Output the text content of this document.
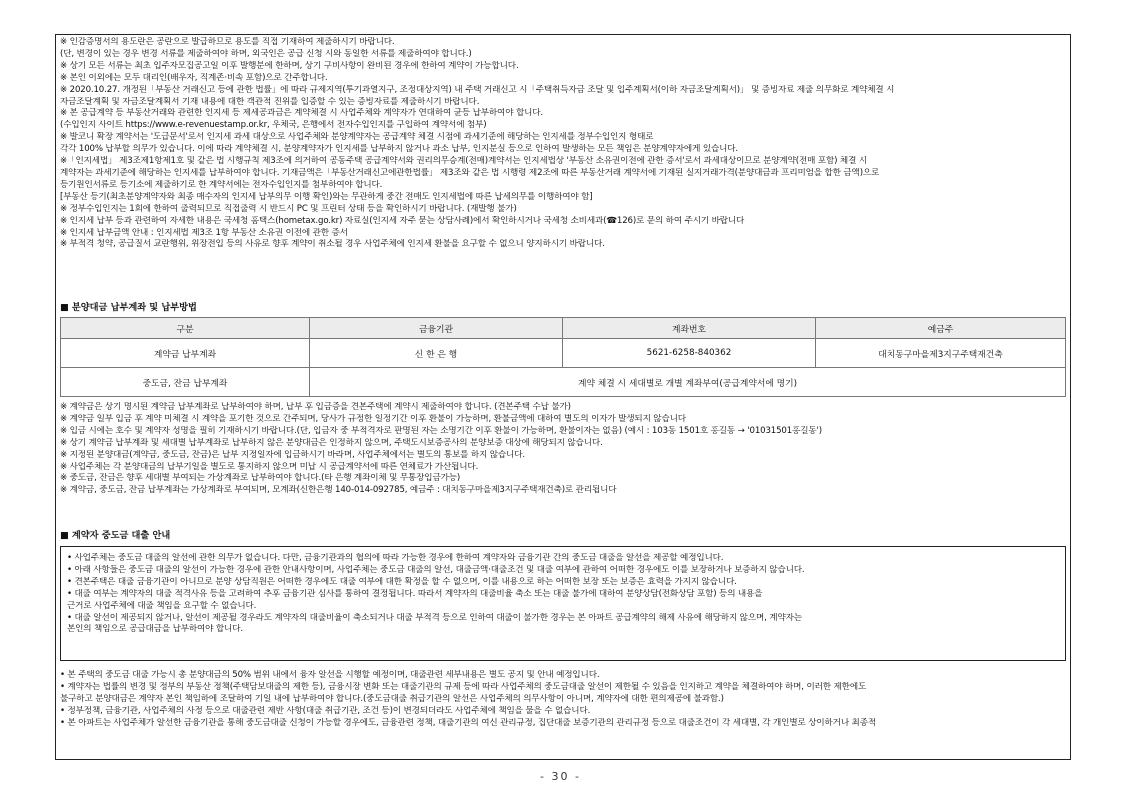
※ 인감증명서의 용도란은 공란으로 발급하므로 용도를 직접 기재하여 제출하시기 바랍니다.
(단, 변경이 있는 경우 변경 서류를 제출하여야 하며, 외국인은 공급 신청 시와 동일한 서류를 제출하여야 합니다.)
※ 상기 모든 서류는 최초 입주자모집공고일 이후 발행분에 한하며, 상기 구비사항이 완비된 경우에 한하여 계약이 가능합니다.
※ 본인 이외에는 모두 대리인(배우자, 직계존·비속 포함)으로 간주합니다.
※ 2020.10.27. 개정된「부동산 거래신고 등에 관한 법률」에 따라 규제지역(투기과열지구, 조정대상지역) 내 주택 거래신고 시「주택취득자금 조달 및 입주계획서(이하 자금조달계획서)」 및 증빙자료 제출 의무화로 계약체결 시
자금조달계획 및 자금조달계획서 기재 내용에 대한 객관적 진위를 입증할 수 있는 증빙자료를 제출하시기 바랍니다.
※ 본 공급계약 등 부동산거래와 관련한 인지세 등 제세공과금은 계약체결 시 사업주체와 계약자가 연대하여 균등 납부하여야 합니다.
(수입인지 사이트 https://www.e-revenuestamp.or.kr, 우체국, 은행에서 전자수입인지를 구입하여 계약서에 첨부)
※ 발코니 확장 계약서는 '도급문서'로서 인지세 과세 대상으로 사업주체와 분양계약자는 공급계약 체결 시점에 과세기준에 해당하는 인지세를 정부수입인지 형태로
각각 100% 납부할 의무가 있습니다. 이에 따라 계약체결 시, 분양계약자가 인지세를 납부하지 않거나 과소 납부, 인지분실 등으로 인하여 발생하는 모든 책임은 분양계약자에게 있습니다.
※「인지세법」 제3조제1항제1호 및 같은 법 시행규칙 제3조에 의거하여 공동주택 공급계약서와 권리의무승계(전매)계약서는 인지세법상 '부동산 소유권이전에 관한 증서'로서 과세대상이므로 분양계약(전매 포함) 체결 시
계약자는 과세기준에 해당하는 인지세를 납부하여야 합니다. 기재금액은「부동산거래신고에관한법률」 제3조와 같은 법 시행령 제2조에 따른 부동산거래 계약서에 기재된 실지거래가격(분양대금과 프리미엄을 합한 금액)으로
등기원인서류로 등기소에 제출하기로 한 계약서에는 전자수입인지를 첨부하여야 합니다.
[부동산 등기(최초분양계약자와 최종 매수자의 인지세 납부의무 이행 확인)와는 무관하게 중간 전매도 인지세법에 따른 납세의무를 이행하여야 함]
※ 정부수입인지는 1회에 한하여 출력되므로 직접출력 시 반드시 PC 및 프린터 상태 등을 확인하시기 바랍니다. (재발행 불가)
※ 인지세 납부 등과 관련하여 자세한 내용은 국세청 홈택스(hometax.go.kr) 자료실(인지세 자주 묻는 상담사례)에서 확인하시거나 국세청 소비세과(☎126)로 문의 하여 주시기 바랍니다
※ 인지세 납부금액 안내 : 인지세법 제3조 1항 부동산 소유권 이전에 관한 증서
※ 부적격 청약, 공급질서 교란행위, 위장전입 등의 사유로 향후 계약이 취소될 경우 사업주체에 인지세 환불을 요구할 수 없으니 양지하시기 바랍니다.
■ 분양대금 납부계좌 및 납부방법
구분	금융기관	계좌번호	예금주
계약금 납부계좌	신 한 은 행	5621-6258-840362	대치동구마을제3지구주택재건축
중도금, 잔금 납부계좌	계약 체결 시 세대별로 개별 계좌부여(공급계약서에 명기)		
※ 계약금은 상기 명시된 계약금 납부계좌로 납부하여야 하며, 납부 후 입금증을 견본주택에 계약시 제출하여야 합니다. (견본주택 수납 불가)
※ 계약금 일부 입금 후 계약 미체결 시 계약을 포기한 것으로 간주되며, 당사가 규정한 일정기간 이후 환불이 가능하며, 환불금액에 대하여 별도의 이자가 발생되지 않습니다
※ 입금 시에는 호수 및 계약자 성명을 필히 기재하시기 바랍니다.(단, 입금자 중 부적격자로 판명된 자는 소명기간 이후 환불이 가능하며, 환불이자는 없음) (예시 : 103동 1501호 홍길동 → '01031501홍길동')
※ 상기 계약금 납부계좌 및 세대별 납부계좌로 납부하지 않은 분양대금은 인정하지 않으며, 주택도시보증공사의 분양보증 대상에 해당되지 않습니다.
※ 지정된 분양대금(계약금, 중도금, 잔금)은 납부 지정일자에 입금하시기 바라며, 사업주체에서는 별도의 통보를 하지 않습니다.
※ 사업주체는 각 분양대금의 납부기일을 별도로 통지하지 않으며 미납 시 공급계약서에 따른 연체료가 가산됩니다.
※ 중도금, 잔금은 향후 세대별 부여되는 가상계좌로 납부하여야 합니다.(타 은행 계좌이체 및 무통장입금가능)
※ 계약금, 중도금, 잔금 납부계좌는 가상계좌로 부여되며, 모계좌(신한은행 140-014-092785, 예금주 : 대치동구마을제3지구주택재건축)로 관리됩니다
■ 계약자 중도금 대출 안내
• 사업주체는 중도금 대출의 알선에 관한 의무가 없습니다. 다만, 금융기관과의 협의에 따라 가능한 경우에 한하여 계약자와 금융기관 간의 중도금 대출을 알선을 제공할 예정입니다.
• 아래 사항들은 중도금 대출의 알선이 가능한 경우에 관한 안내사항이며, 사업주체는 중도금 대출의 알선, 대출금액·대출조건 및 대출 여부에 관하여 어떠한 경우에도 이를 보장하거나 보증하지 않습니다.
• 견본주택은 대출 금융기관이 아니므로 분양 상담직원은 어떠한 경우에도 대출 여부에 대한 확정을 할 수 없으며, 이를 내용으로 하는 어떠한 보장 또는 보증은 효력을 가지지 않습니다.
• 대출 여부는 계약자의 대출 적격사유 등을 고려하여 추후 금융기관 심사를 통하여 결정됩니다. 따라서 계약자의 대출비율 축소 또는 대출 불가에 대하여 분양상담(전화상담 포함) 등의 내용을
근거로 사업주체에 대출 책임을 요구할 수 없습니다.
• 대출 알선이 제공되지 않거나, 알선이 제공될 경우라도 계약자의 대출비율이 축소되거나 대출 부적격 등으로 인하여 대출이 불가한 경우는 본 아파트 공급계약의 해제 사유에 해당하지 않으며, 계약자는
본인의 책임으로 공급대금을 납부하여야 합니다.
• 본 주택의 중도금 대출 가능시 총 분양대금의 50% 범위 내에서 융자 알선을 시행할 예정이며, 대출관련 세부내용은 별도 공지 및 안내 예정입니다.
• 계약자는 법률의 변경 및 정부의 부동산 정책(주택담보대출의 제한 등), 금융시장 변화 또는 대출기관의 규제 등에 따라 사업주체의 중도금대출 알선이 제한될 수 있음을 인지하고 계약을 체결하여야 하며, 이러한 제한에도
불구하고 분양대금은 계약자 본인 책임하에 조달하여 기일 내에 납부하여야 합니다.(중도금대출 취급기관의 알선은 사업주체의 의무사항이 아니며, 계약자에 대한 편의제공에 불과함.)
• 정부정책, 금융기관, 사업주체의 사정 등으로 대출관련 제반 사항(대출 취급기관, 조건 등)이 변경되더라도 사업주체에 책임을 물을 수 없습니다.
• 본 아파트는 사업주체가 알선한 금융기관을 통해 중도금대출 신청이 가능할 경우에도, 금융관련 정책, 대출기관의 여신 관리규정, 집단대출 보증기관의 관리규정 등으로 대출조건이 각 세대별, 각 개인별로 상이하거나 최종적
- 30 -
